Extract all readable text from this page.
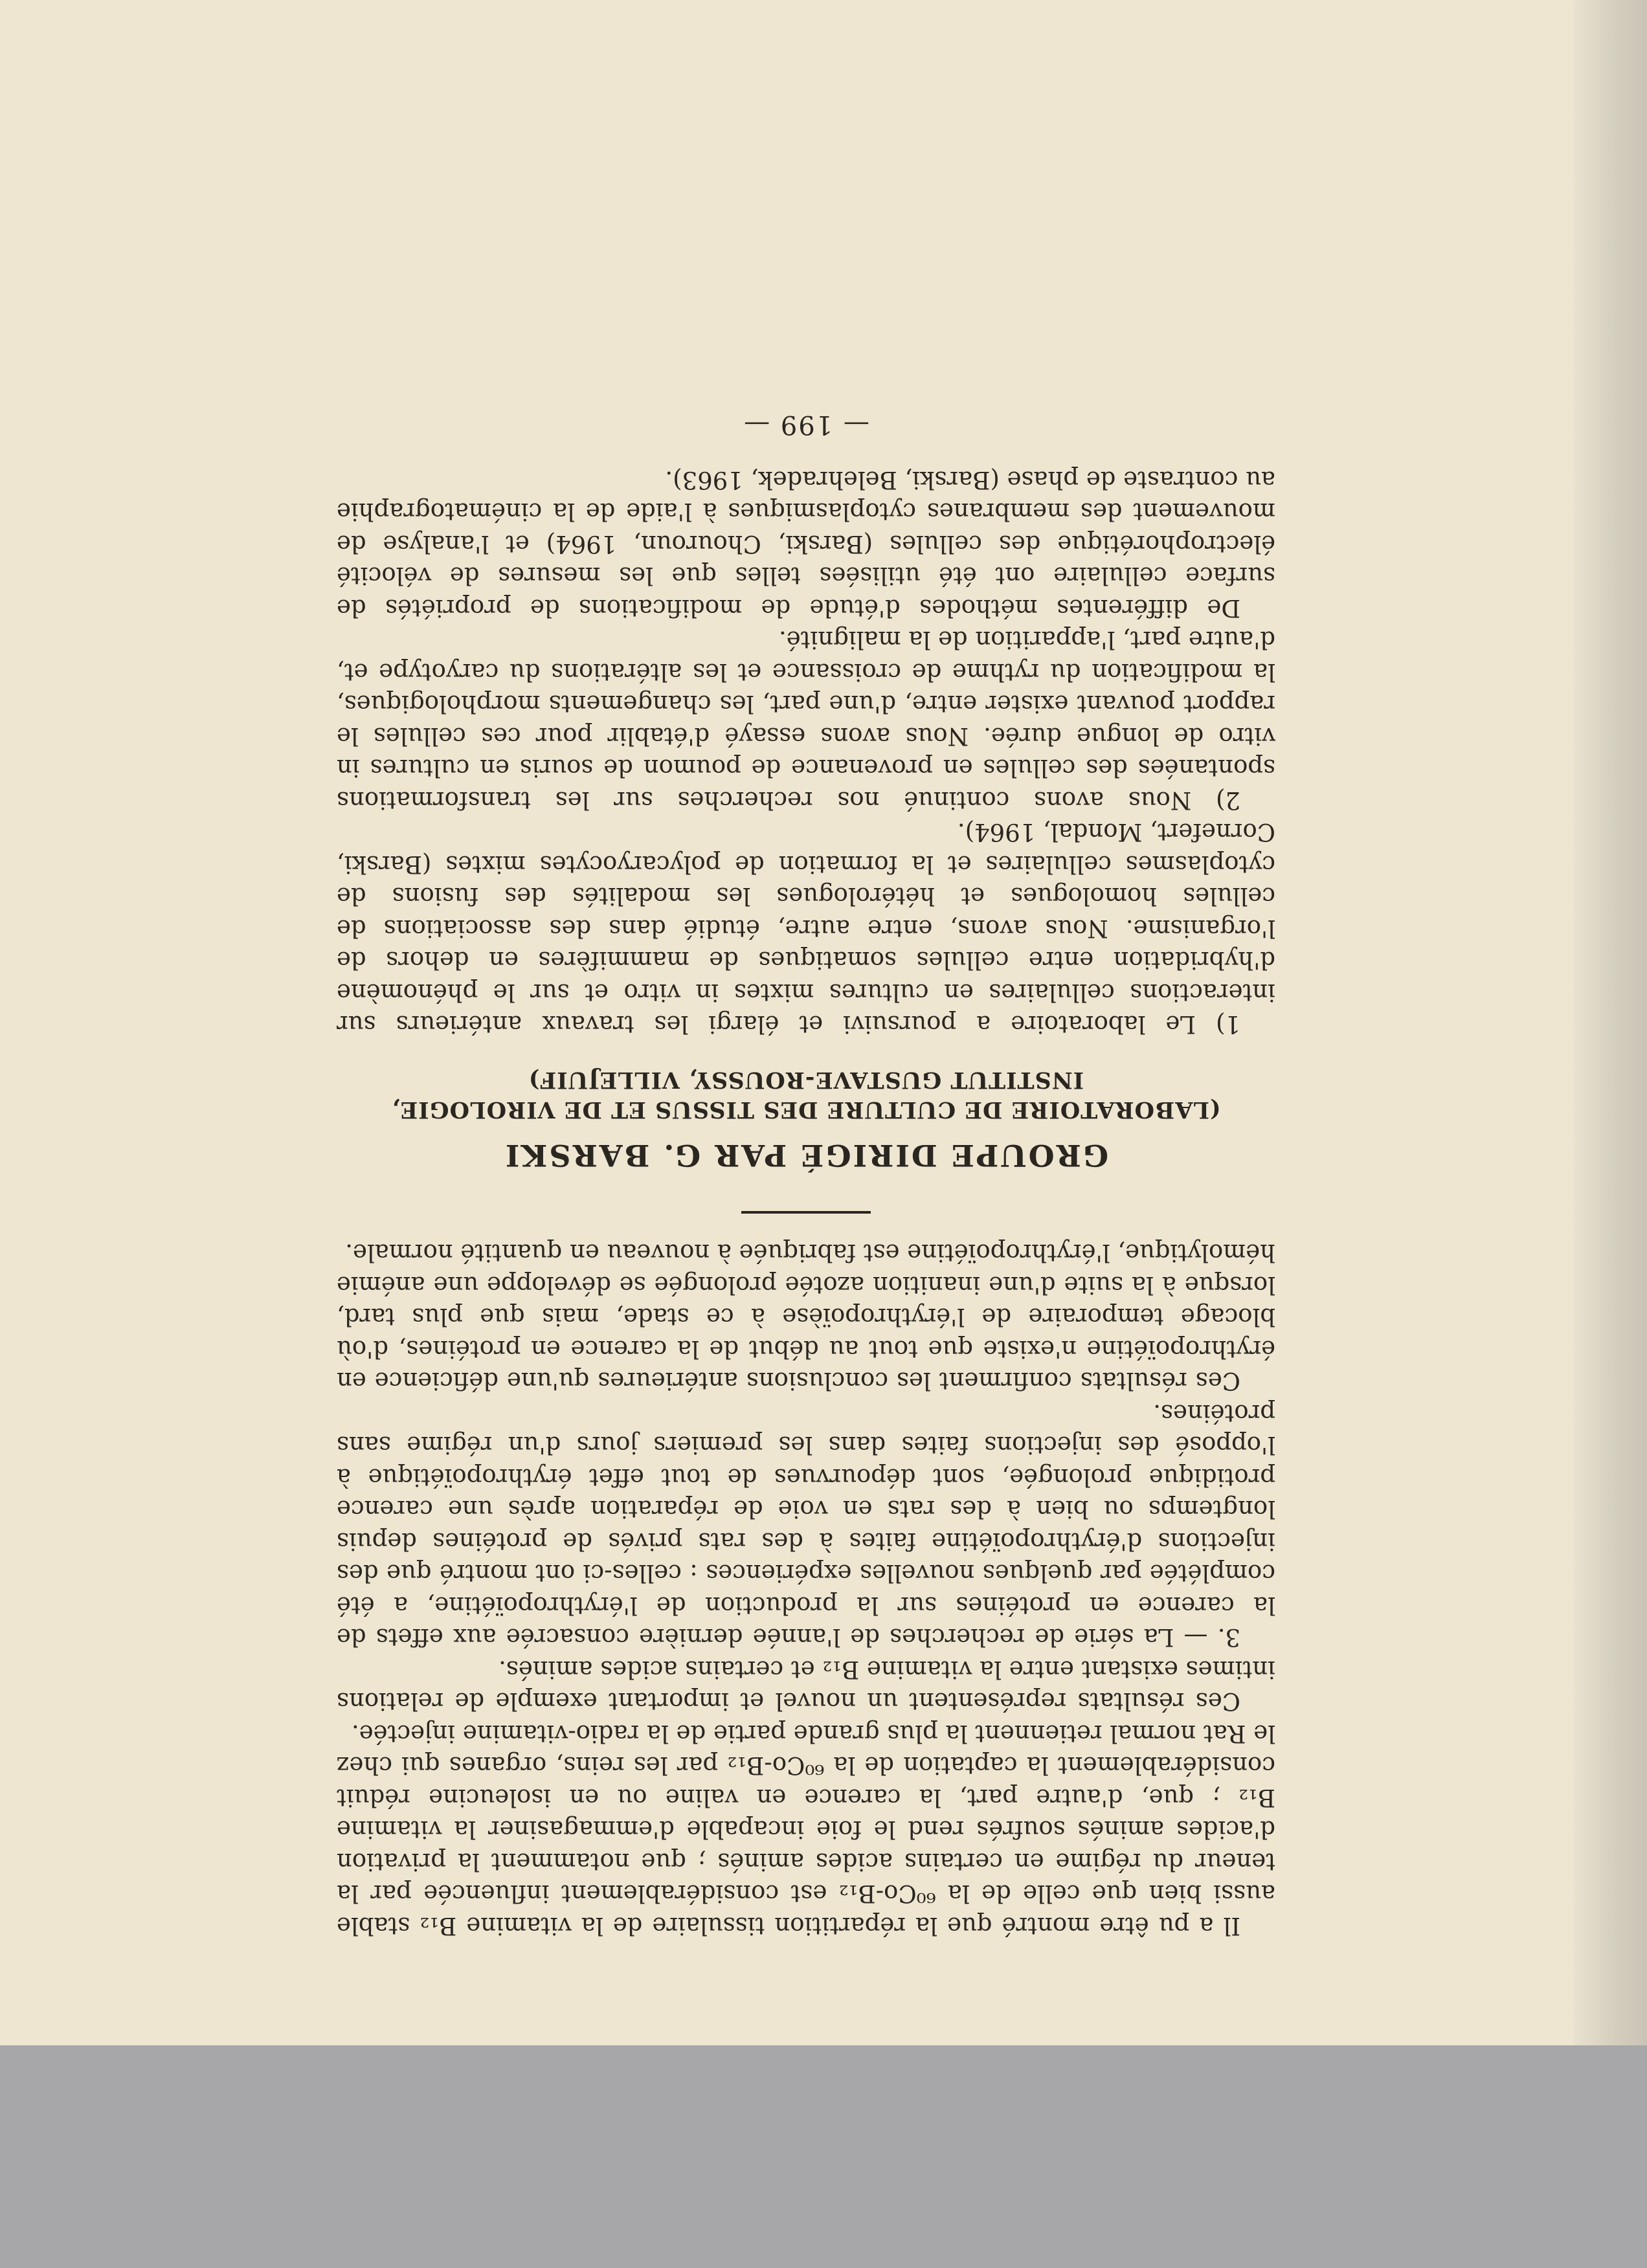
Il a pu être montré que la répartition tissulaire de la vitamine B₁₂ stable aussi bien que celle de la ⁶⁰Co-B₁₂ est considérablement influencée par la teneur du régime en certains acides aminés ; que notamment la privation d'acides aminés soufrés rend le foie incapable d'emmagasiner la vitamine B₁₂ ; que, d'autre part, la carence en valine ou en isoleucine réduit considérablement la captation de la ⁶⁰Co-B₁₂ par les reins, organes qui chez le Rat normal retiennent la plus grande partie de la radio-vitamine injectée.

Ces résultats représentent un nouvel et important exemple de relations intimes existant entre la vitamine B₁₂ et certains acides aminés.

3. — La série de recherches de l'année dernière consacrée aux effets de la carence en protéines sur la production de l'érythropoïétine, a été complétée par quelques nouvelles expériences : celles-ci ont montré que des injections d'érythropoïétine faites à des rats privés de protéines depuis longtemps ou bien à des rats en voie de réparation après une carence protidique prolongée, sont dépourvues de tout effet érythropoïétique à l'opposé des injections faites dans les premiers jours d'un régime sans protéines.

Ces résultats confirment les conclusions antérieures qu'une déficience en érythropoïétine n'existe que tout au début de la carence en protéines, d'où blocage temporaire de l'érythropoïèse à ce stade, mais que plus tard, lorsque à la suite d'une inanition azotée prolongée se développe une anémie hémolytique, l'érythropoïétine est fabriquée à nouveau en quantité normale.

GROUPE DIRIGÉ PAR G. BARSKI
(LABORATOIRE DE CULTURE DES TISSUS ET DE VIROLOGIE,
INSTITUT GUSTAVE-ROUSSY, VILLEJUIF)

1) Le laboratoire a poursuivi et élargi les travaux antérieurs sur interactions cellulaires en cultures mixtes in vitro et sur le phénomène d'hybridation entre cellules somatiques de mammifères en dehors de l'organisme. Nous avons, entre autre, étudié dans des associations de cellules homologues et hétérologues les modalités des fusions de cytoplasmes cellulaires et la formation de polycaryocytes mixtes (Barski, Cornefert, Mondal, 1964).

2) Nous avons continué nos recherches sur les transformations spontanées des cellules en provenance de poumon de souris en cultures in vitro de longue durée. Nous avons essayé d'établir pour ces cellules le rapport pouvant exister entre, d'une part, les changements morphologiques, la modification du rythme de croissance et les altérations du caryotype et, d'autre part, l'apparition de la malignité.

De différentes méthodes d'étude de modifications de propriétés de surface cellulaire ont été utilisées telles que les mesures de vélocité électrophorétique des cellules (Barski, Chouroun, 1964) et l'analyse de mouvement des membranes cytoplasmiques à l'aide de la cinématographie au contraste de phase (Barski, Belehradek, 1963).

— 199 —
